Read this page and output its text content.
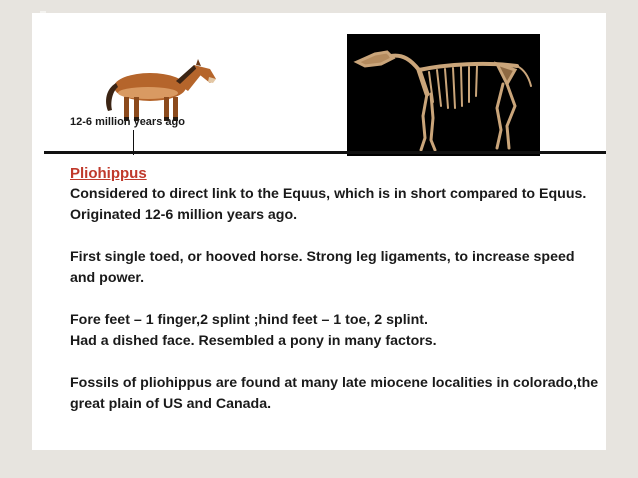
12-6 million years ago
Pliohippus

Considered to direct link to the Equus, which is in short compared to Equus.

Originated 12-6 million years ago.

First single toed, or hooved horse. Strong leg ligaments, to increase speed and power.

Fore feet – 1 finger,2 splint ;hind feet – 1 toe, 2 splint.

Had a dished face. Resembled a pony in many factors.

Fossils of pliohippus are found at many late miocene localities in colorado,the great plain of US and Canada.
